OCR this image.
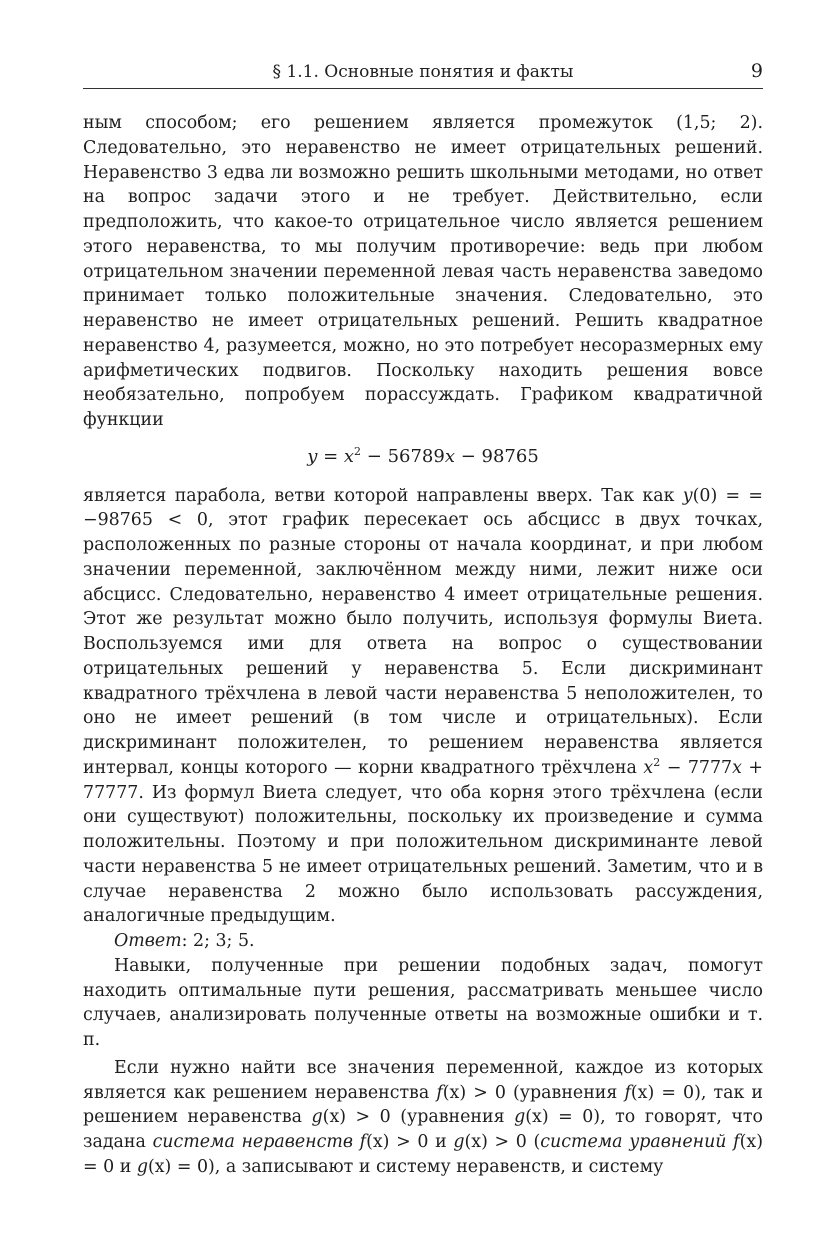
§ 1.1. Основные понятия и факты	9

ным способом; его решением является промежуток (1,5; 2). Следовательно, это неравенство не имеет отрицательных решений. Неравенство 3 едва ли возможно решить школьными методами, но ответ на вопрос задачи этого и не требует. Действительно, если предположить, что какое-то отрицательное число является решением этого неравенства, то мы получим противоречие: ведь при любом отрицательном значении переменной левая часть неравенства заведомо принимает только положительные значения. Следовательно, это неравенство не имеет отрицательных решений. Решить квадратное неравенство 4, разумеется, можно, но это потребует несоразмерных ему арифметических подвигов. Поскольку находить решения вовсе необязательно, попробуем порассуждать. Графиком квадратичной функции

$y = x^2 - 56789x - 98765$

является парабола, ветви которой направлены вверх. Так как y(0) = = −98765 < 0, этот график пересекает ось абсцисс в двух точках, расположенных по разные стороны от начала координат, и при любом значении переменной, заключённом между ними, лежит ниже оси абсцисс. Следовательно, неравенство 4 имеет отрицательные решения. Этот же результат можно было получить, используя формулы Виета. Воспользуемся ими для ответа на вопрос о существовании отрицательных решений у неравенства 5. Если дискриминант квадратного трёхчлена в левой части неравенства 5 неположителен, то оно не имеет решений (в том числе и отрицательных). Если дискриминант положителен, то решением неравенства является интервал, концы которого — корни квадратного трёхчлена $x^2 - 7777x + 77777$. Из формул Виета следует, что оба корня этого трёхчлена (если они существуют) положительны, поскольку их произведение и сумма положительны. Поэтому и при положительном дискриминанте левой части неравенства 5 не имеет отрицательных решений. Заметим, что и в случае неравенства 2 можно было использовать рассуждения, аналогичные предыдущим.

Ответ: 2; 3; 5.

Навыки, полученные при решении подобных задач, помогут находить оптимальные пути решения, рассматривать меньшее число случаев, анализировать полученные ответы на возможные ошибки и т. п.

Если нужно найти все значения переменной, каждое из которых является как решением неравенства f(x) > 0 (уравнения f(x) = 0), так и решением неравенства g(x) > 0 (уравнения g(x) = 0), то говорят, что задана система неравенств f(x) > 0 и g(x) > 0 (система уравнений f(x) = 0 и g(x) = 0), а записывают и систему неравенств, и систему
